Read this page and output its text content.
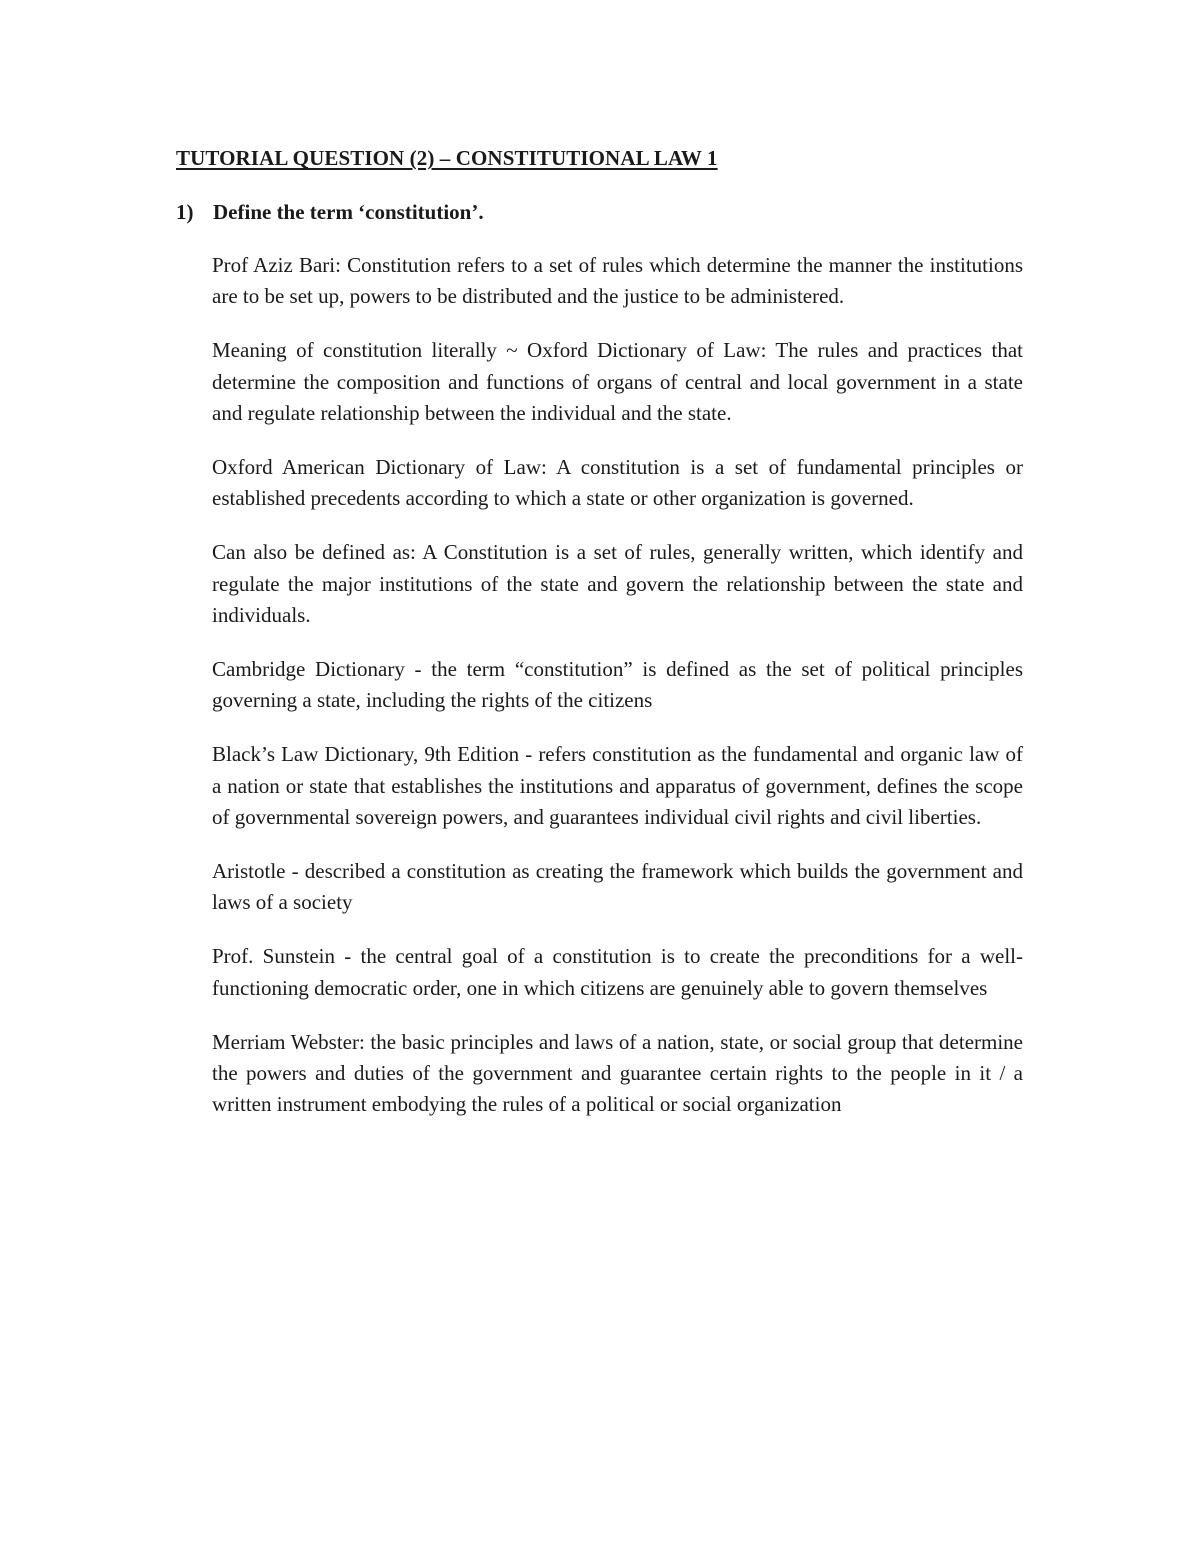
TUTORIAL QUESTION (2) – CONSTITUTIONAL LAW 1
1) Define the term ‘constitution’.

Prof Aziz Bari: Constitution refers to a set of rules which determine the manner the institutions are to be set up, powers to be distributed and the justice to be administered.

Meaning of constitution literally ~ Oxford Dictionary of Law: The rules and practices that determine the composition and functions of organs of central and local government in a state and regulate relationship between the individual and the state.

Oxford American Dictionary of Law: A constitution is a set of fundamental principles or established precedents according to which a state or other organization is governed.

Can also be defined as: A Constitution is a set of rules, generally written, which identify and regulate the major institutions of the state and govern the relationship between the state and individuals.

Cambridge Dictionary - the term “constitution” is defined as the set of political principles governing a state, including the rights of the citizens

Black’s Law Dictionary, 9th Edition - refers constitution as the fundamental and organic law of a nation or state that establishes the institutions and apparatus of government, defines the scope of governmental sovereign powers, and guarantees individual civil rights and civil liberties.

Aristotle - described a constitution as creating the framework which builds the government and laws of a society

Prof. Sunstein - the central goal of a constitution is to create the preconditions for a well-functioning democratic order, one in which citizens are genuinely able to govern themselves

Merriam Webster: the basic principles and laws of a nation, state, or social group that determine the powers and duties of the government and guarantee certain rights to the people in it / a written instrument embodying the rules of a political or social organization
